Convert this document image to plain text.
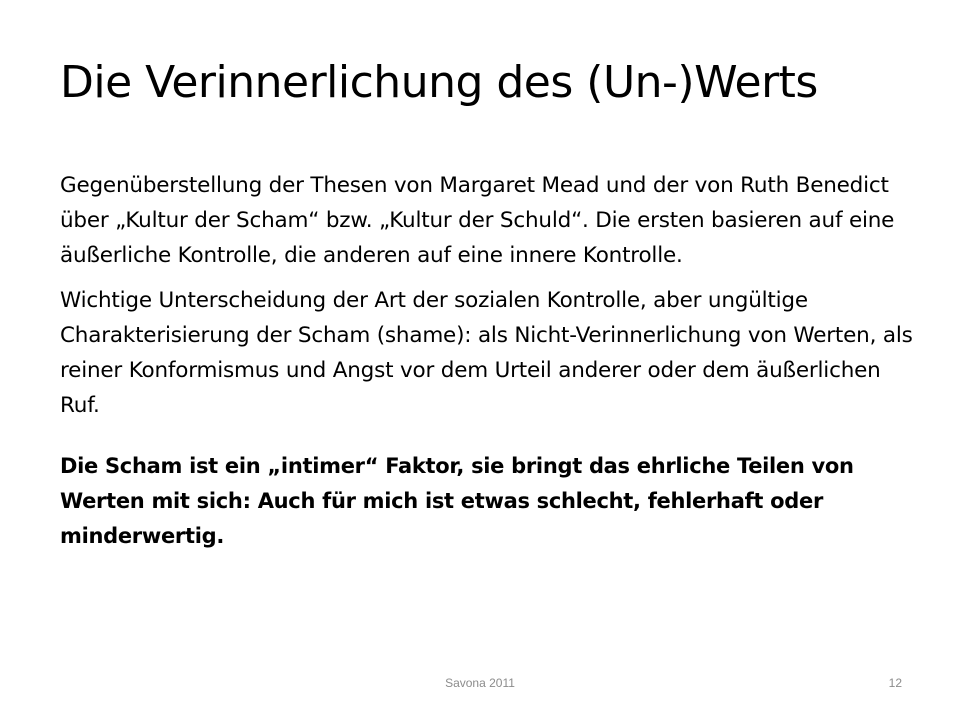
Die Verinnerlichung des (Un-)Werts

Gegenüberstellung der Thesen von Margaret Mead und der von Ruth Benedict über „Kultur der Scham“ bzw. „Kultur der Schuld“. Die ersten basieren auf eine äußerliche Kontrolle, die anderen auf eine innere Kontrolle.

Wichtige Unterscheidung der Art der sozialen Kontrolle, aber ungültige Charakterisierung der Scham (shame): als Nicht-Verinnerlichung von Werten, als reiner Konformismus und Angst vor dem Urteil anderer oder dem äußerlichen Ruf.

Die Scham ist ein „intimer“ Faktor, sie bringt das ehrliche Teilen von Werten mit sich: Auch für mich ist etwas schlecht, fehlerhaft oder minderwertig.

Savona 2011	12
